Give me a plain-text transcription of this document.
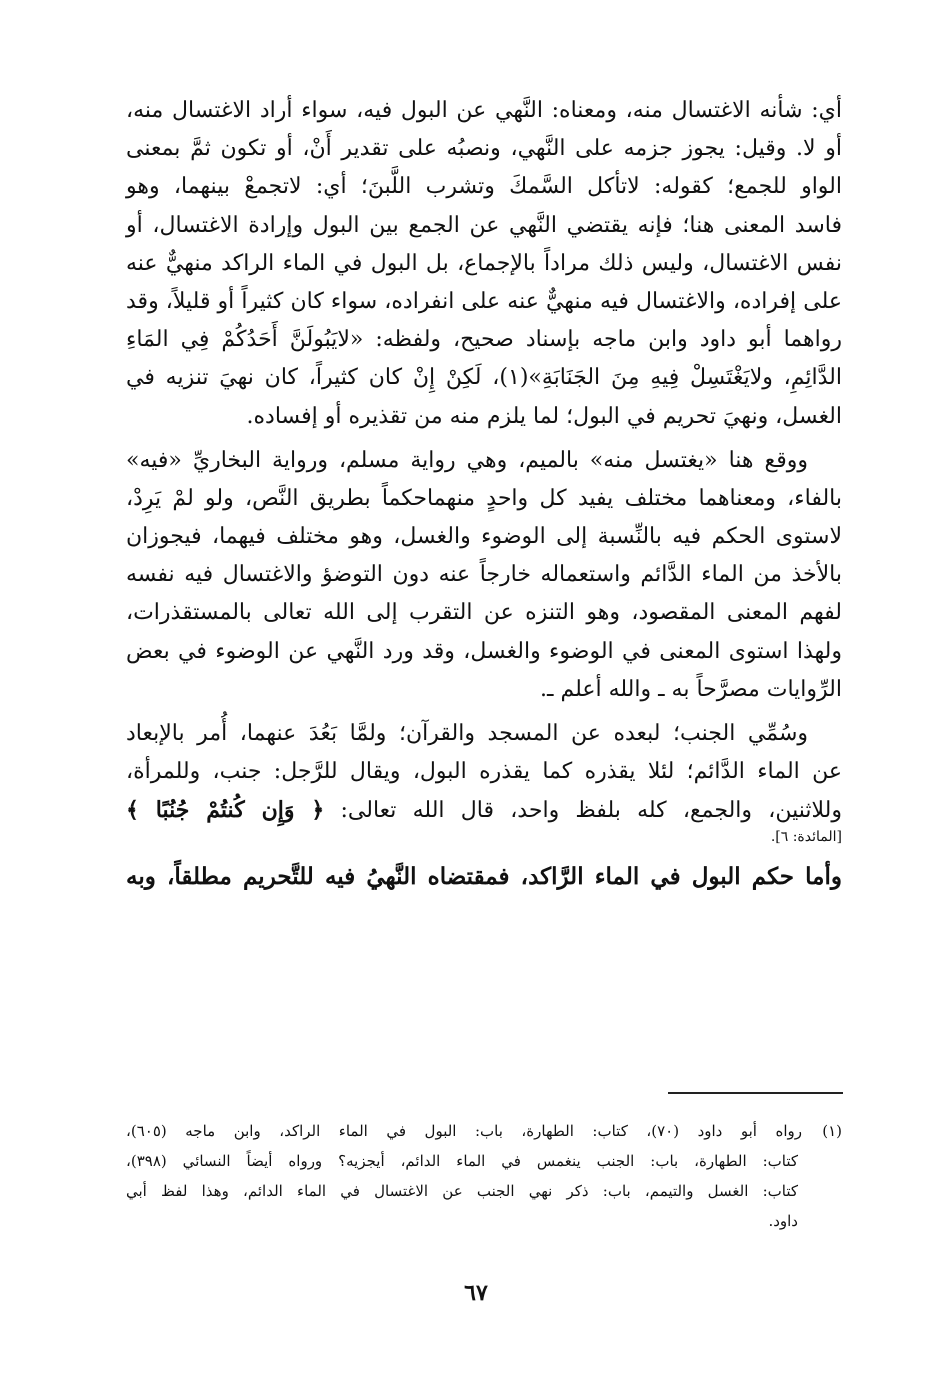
أي: شأنه الاغتسال منه، ومعناه: النَّهي عن البول فيه، سواء أراد الاغتسال منه،
أو لا. وقيل: يجوز جزمه على النَّهي، ونصبُه على تقدير أَنْ، أو تكون ثمَّ بمعنى
الواو للجمع؛ كقوله: لاتأكل السَّمكَ وتشرب اللَّبنَ؛ أي: لاتجمعْ بينهما، وهو
فاسد المعنى هنا؛ فإنه يقتضي النَّهي عن الجمع بين البول وإرادة الاغتسال، أو
نفس الاغتسال، وليس ذلك مراداً بالإجماع، بل البول في الماء الراكد منهيٌّ عنه
على إفراده، والاغتسال فيه منهيٌّ عنه على انفراده، سواء كان كثيراً أو قليلاً، وقد
رواهما أبو داود وابن ماجه بإسناد صحيح، ولفظه: «لايَبُولَنَّ أَحَدُكُمْ فِي المَاءِ
الدَّائِمِ، ولايَغْتَسِلْ فِيهِ مِنَ الجَنَابَةِ»(١)، لَكِنْ إِنْ كان كثيراً، كان نهيَ تنزيه في
الغسل، ونهيَ تحريم في البول؛ لما يلزم منه من تقذيره أو إفساده.
ووقع هنا «يغتسل منه» بالميم، وهي رواية مسلم، ورواية البخاريِّ «فيه»
بالفاء، ومعناهما مختلف يفيد كل واحدٍ منهماحكماً بطريق النَّص، ولو لمْ يَرِدْ،
لاستوى الحكم فيه بالنِّسبة إلى الوضوء والغسل، وهو مختلف فيهما، فيجوزان
بالأخذ من الماء الدَّائم واستعماله خارجاً عنه دون التوضؤ والاغتسال فيه نفسه
لفهم المعنى المقصود، وهو التنزه عن التقرب إلى الله تعالى بالمستقذرات،
ولهذا استوى المعنى في الوضوء والغسل، وقد ورد النَّهي عن الوضوء في بعض
الرِّوايات مصرَّحاً به ـ والله أعلم ـ.
وسُمِّي الجنب؛ لبعده عن المسجد والقرآن؛ ولمَّا بَعُدَ عنهما، أُمر بالإبعاد
عن الماء الدَّائم؛ لئلا يقذره كما يقذره البول، ويقال للرَّجل: جنب، وللمرأة،
وللاثنين، والجمع، كله بلفظ واحد، قال الله تعالى: ﴿ وَإِن كُنتُمْ جُنُبًا ﴾
[المائدة: ٦].
وأما حكم البول في الماء الرَّاكد، فمقتضاه النَّهيُ فيه للتَّحريم مطلقاً، وبه
(١)
رواه أبو داود (٧٠)، كتاب: الطهارة، باب: البول في الماء الراكد، وابن ماجه (٦٠٥)،
كتاب: الطهارة، باب: الجنب ينغمس في الماء الدائم، أيجزيه؟ ورواه أيضاً النسائي (٣٩٨)،
كتاب: الغسل والتيمم، باب: ذكر نهي الجنب عن الاغتسال في الماء الدائم، وهذا لفظ أبي
داود.
٦٧
